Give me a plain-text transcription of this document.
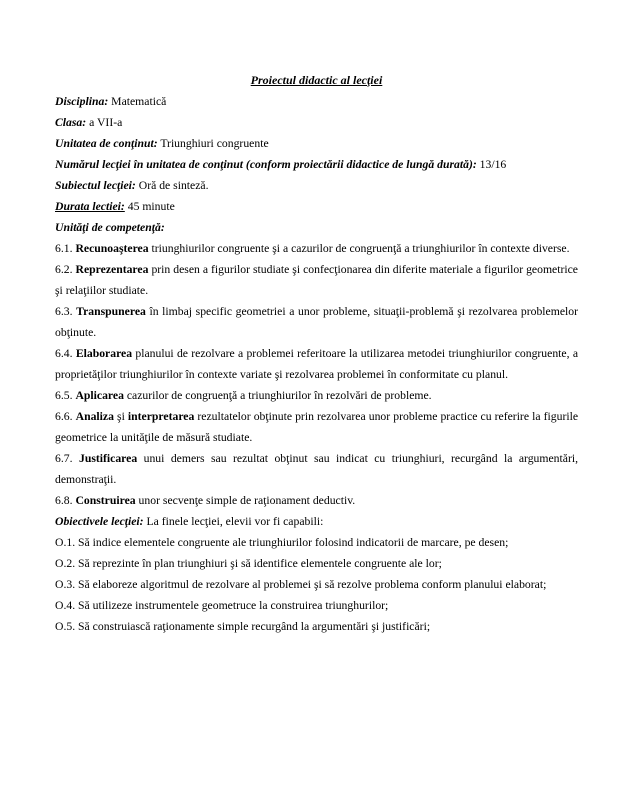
Proiectul didactic al lecţiei

Disciplina: Matematică

Clasa: a VII-a

Unitatea de conţinut: Triunghiuri congruente

Numărul lecţiei în unitatea de conţinut (conform proiectării didactice de lungă durată): 13/16

Subiectul lecţiei: Oră de sinteză.

Durata lectiei: 45 minute

Unităţi de competenţă:

6.1. Recunoaşterea triunghiurilor congruente şi a cazurilor de congruenţă a triunghiurilor în contexte diverse.

6.2. Reprezentarea prin desen a figurilor studiate şi confecţionarea din diferite materiale a figurilor geometrice şi relaţiilor studiate.

6.3. Transpunerea în limbaj specific geometriei a unor probleme, situaţii-problemă şi rezolvarea problemelor obţinute.

6.4. Elaborarea planului de rezolvare a problemei referitoare la utilizarea metodei triunghiurilor congruente, a proprietăţilor triunghiurilor în contexte variate şi rezolvarea problemei în conformitate cu planul.

6.5. Aplicarea cazurilor de congruenţă a triunghiurilor în rezolvări de probleme.

6.6. Analiza şi interpretarea rezultatelor obţinute prin rezolvarea unor probleme practice cu referire la figurile geometrice la unităţile de măsură studiate.

6.7. Justificarea unui demers sau rezultat obţinut sau indicat cu triunghiuri, recurgând la argumentări, demonstraţii.

6.8. Construirea unor secvenţe simple de raţionament deductiv.

Obiectivele lecţiei: La finele lecţiei, elevii vor fi capabili:

O.1. Să indice elementele congruente ale triunghiurilor folosind indicatorii de marcare, pe desen;

O.2. Să reprezinte în plan triunghiuri şi să identifice elementele congruente ale lor;

O.3. Să elaboreze algoritmul de rezolvare al problemei şi să rezolve problema conform planului elaborat;

O.4. Să utilizeze instrumentele geometruce la construirea triunghurilor;

O.5. Să construiască raţionamente simple recurgând la argumentări şi justificări;
